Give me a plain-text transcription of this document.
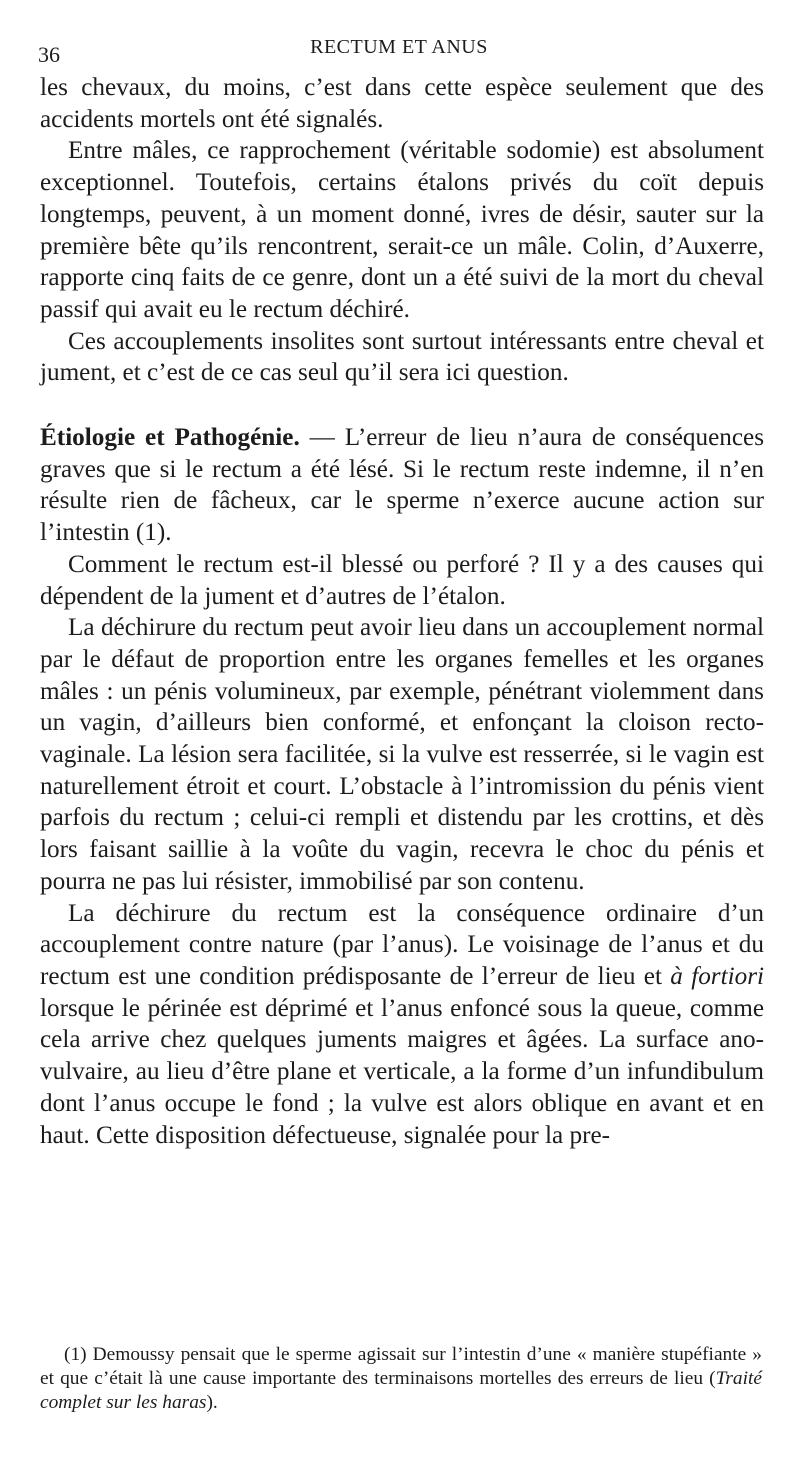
36	RECTUM ET ANUS

les chevaux, du moins, c’est dans cette espèce seulement que des accidents mortels ont été signalés.

Entre mâles, ce rapprochement (véritable sodomie) est absolument exceptionnel. Toutefois, certains étalons privés du coït depuis longtemps, peuvent, à un moment donné, ivres de désir, sauter sur la première bête qu’ils rencontrent, serait-ce un mâle. Colin, d’Auxerre, rapporte cinq faits de ce genre, dont un a été suivi de la mort du cheval passif qui avait eu le rectum déchiré.

Ces accouplements insolites sont surtout intéressants entre cheval et jument, et c’est de ce cas seul qu’il sera ici question.

Étiologie et Pathogénie. — L’erreur de lieu n’aura de conséquences graves que si le rectum a été lésé. Si le rectum reste indemne, il n’en résulte rien de fâcheux, car le sperme n’exerce aucune action sur l’intestin (1).

Comment le rectum est-il blessé ou perforé ? Il y a des causes qui dépendent de la jument et d’autres de l’étalon.

La déchirure du rectum peut avoir lieu dans un accouplement normal par le défaut de proportion entre les organes femelles et les organes mâles : un pénis volumineux, par exemple, pénétrant violemment dans un vagin, d’ailleurs bien conformé, et enfonçant la cloison recto-vaginale. La lésion sera facilitée, si la vulve est resserrée, si le vagin est naturellement étroit et court. L’obstacle à l’intromission du pénis vient parfois du rectum ; celui-ci rempli et distendu par les crottins, et dès lors faisant saillie à la voûte du vagin, recevra le choc du pénis et pourra ne pas lui résister, immobilisé par son contenu.

La déchirure du rectum est la conséquence ordinaire d’un accouplement contre nature (par l’anus). Le voisinage de l’anus et du rectum est une condition prédisposante de l’erreur de lieu et à fortiori lorsque le périnée est déprimé et l’anus enfoncé sous la queue, comme cela arrive chez quelques juments maigres et âgées. La surface ano-vulvaire, au lieu d’être plane et verticale, a la forme d’un infundibulum dont l’anus occupe le fond ; la vulve est alors oblique en avant et en haut. Cette disposition défectueuse, signalée pour la pre-

(1) Demoussy pensait que le sperme agissait sur l’intestin d’une « manière stupéfiante » et que c’était là une cause importante des terminaisons mortelles des erreurs de lieu (Traité complet sur les haras).
